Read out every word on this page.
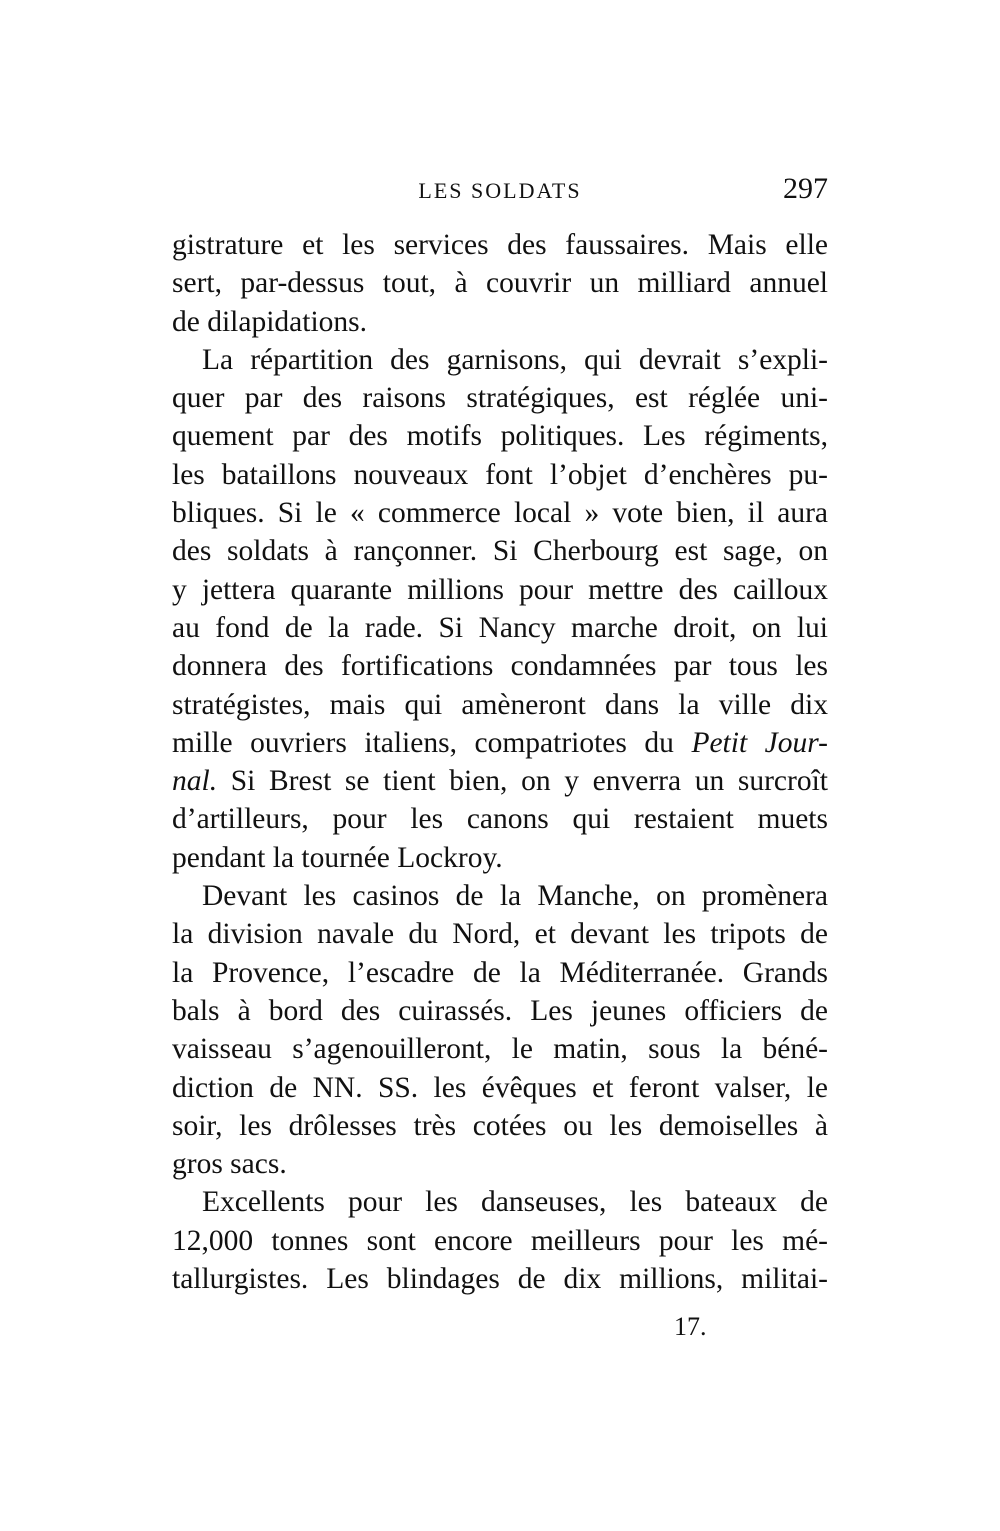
LES SOLDATS	297

gistrature et les services des faussaires. Mais elle
sert, par-dessus tout, à couvrir un milliard annuel
de dilapidations.

La répartition des garnisons, qui devrait s’expli-
quer par des raisons stratégiques, est réglée uni-
quement par des motifs politiques. Les régiments,
les bataillons nouveaux font l’objet d’enchères pu-
bliques. Si le « commerce local » vote bien, il aura
des soldats à rançonner. Si Cherbourg est sage, on
y jettera quarante millions pour mettre des cailloux
au fond de la rade. Si Nancy marche droit, on lui
donnera des fortifications condamnées par tous les
stratégistes, mais qui amèneront dans la ville dix
mille ouvriers italiens, compatriotes du Petit Jour-
nal. Si Brest se tient bien, on y enverra un surcroît
d’artilleurs, pour les canons qui restaient muets
pendant la tournée Lockroy.

Devant les casinos de la Manche, on promènera
la division navale du Nord, et devant les tripots de
la Provence, l’escadre de la Méditerranée. Grands
bals à bord des cuirassés. Les jeunes officiers de
vaisseau s’agenouilleront, le matin, sous la béné-
diction de NN. SS. les évêques et feront valser, le
soir, les drôlesses très cotées ou les demoiselles à
gros sacs.

Excellents pour les danseuses, les bateaux de
12,000 tonnes sont encore meilleurs pour les mé-
tallurgistes. Les blindages de dix millions, militai-

17.
